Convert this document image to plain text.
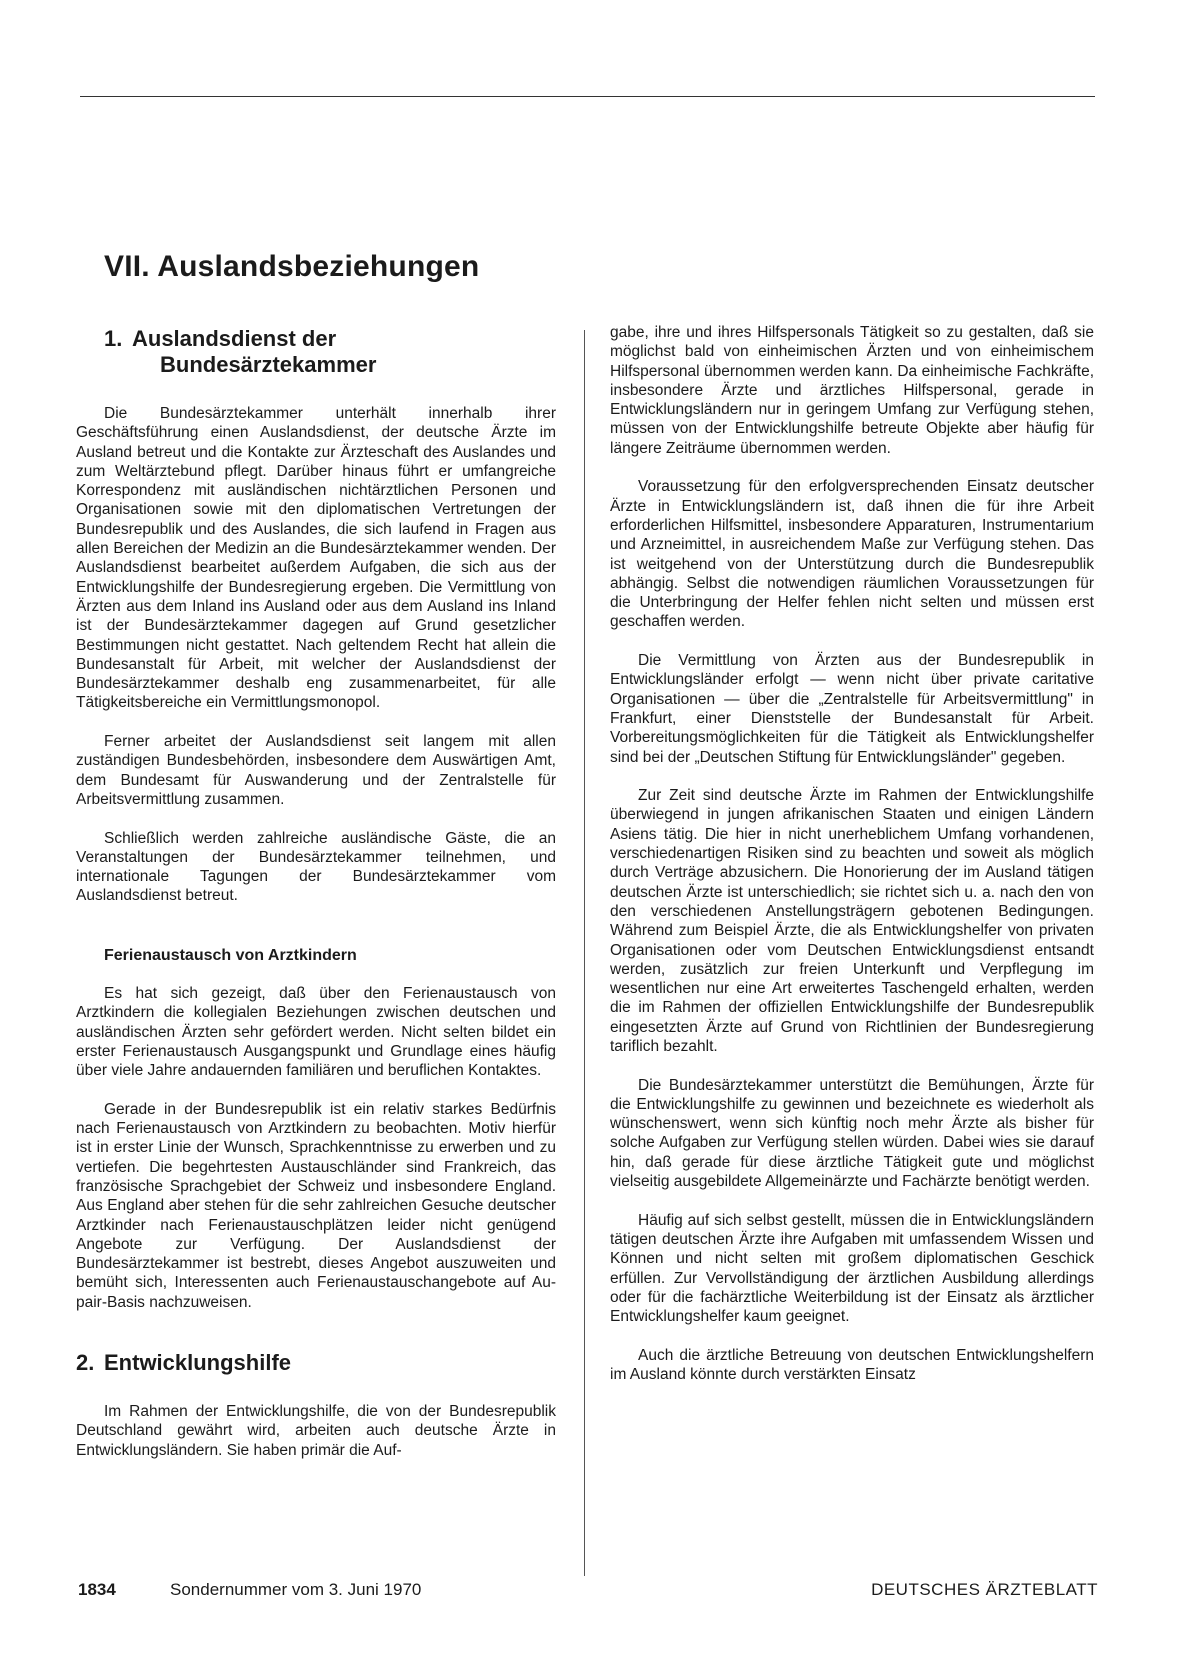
VII. Auslandsbeziehungen
1. Auslandsdienst der
Bundesärztekammer

Die Bundesärztekammer unterhält innerhalb ihrer Geschäftsführung einen Auslandsdienst, der deutsche Ärzte im Ausland betreut und die Kontakte zur Ärzteschaft des Auslandes und zum Weltärztebund pflegt. Darüber hinaus führt er umfangreiche Korrespondenz mit ausländischen nichtärztlichen Personen und Organisationen sowie mit den diplomatischen Vertretungen der Bundesrepublik und des Auslandes, die sich laufend in Fragen aus allen Bereichen der Medizin an die Bundesärztekammer wenden. Der Auslandsdienst bearbeitet außerdem Aufgaben, die sich aus der Entwicklungshilfe der Bundesregierung ergeben. Die Vermittlung von Ärzten aus dem Inland ins Ausland oder aus dem Ausland ins Inland ist der Bundesärztekammer dagegen auf Grund gesetzlicher Bestimmungen nicht gestattet. Nach geltendem Recht hat allein die Bundesanstalt für Arbeit, mit welcher der Auslandsdienst der Bundesärztekammer deshalb eng zusammenarbeitet, für alle Tätigkeitsbereiche ein Vermittlungsmonopol.

Ferner arbeitet der Auslandsdienst seit langem mit allen zuständigen Bundesbehörden, insbesondere dem Auswärtigen Amt, dem Bundesamt für Auswanderung und der Zentralstelle für Arbeitsvermittlung zusammen.

Schließlich werden zahlreiche ausländische Gäste, die an Veranstaltungen der Bundesärztekammer teilnehmen, und internationale Tagungen der Bundesärztekammer vom Auslandsdienst betreut.

Ferienaustausch von Arztkindern

Es hat sich gezeigt, daß über den Ferienaustausch von Arztkindern die kollegialen Beziehungen zwischen deutschen und ausländischen Ärzten sehr gefördert werden. Nicht selten bildet ein erster Ferienaustausch Ausgangspunkt und Grundlage eines häufig über viele Jahre andauernden familiären und beruflichen Kontaktes.

Gerade in der Bundesrepublik ist ein relativ starkes Bedürfnis nach Ferienaustausch von Arztkindern zu beobachten. Motiv hierfür ist in erster Linie der Wunsch, Sprachkenntnisse zu erwerben und zu vertiefen. Die begehrtesten Austauschländer sind Frankreich, das französische Sprachgebiet der Schweiz und insbesondere England. Aus England aber stehen für die sehr zahlreichen Gesuche deutscher Arztkinder nach Ferienaustauschplätzen leider nicht genügend Angebote zur Verfügung. Der Auslandsdienst der Bundesärztekammer ist bestrebt, dieses Angebot auszuweiten und bemüht sich, Interessenten auch Ferienaustauschangebote auf Au-pair-Basis nachzuweisen.

2. Entwicklungshilfe

Im Rahmen der Entwicklungshilfe, die von der Bundesrepublik Deutschland gewährt wird, arbeiten auch deutsche Ärzte in Entwicklungsländern. Sie haben primär die Auf-

gabe, ihre und ihres Hilfspersonals Tätigkeit so zu gestalten, daß sie möglichst bald von einheimischen Ärzten und von einheimischem Hilfspersonal übernommen werden kann. Da einheimische Fachkräfte, insbesondere Ärzte und ärztliches Hilfspersonal, gerade in Entwicklungsländern nur in geringem Umfang zur Verfügung stehen, müssen von der Entwicklungshilfe betreute Objekte aber häufig für längere Zeiträume übernommen werden.

Voraussetzung für den erfolgversprechenden Einsatz deutscher Ärzte in Entwicklungsländern ist, daß ihnen die für ihre Arbeit erforderlichen Hilfsmittel, insbesondere Apparaturen, Instrumentarium und Arzneimittel, in ausreichendem Maße zur Verfügung stehen. Das ist weitgehend von der Unterstützung durch die Bundesrepublik abhängig. Selbst die notwendigen räumlichen Voraussetzungen für die Unterbringung der Helfer fehlen nicht selten und müssen erst geschaffen werden.

Die Vermittlung von Ärzten aus der Bundesrepublik in Entwicklungsländer erfolgt — wenn nicht über private caritative Organisationen — über die „Zentralstelle für Arbeitsvermittlung" in Frankfurt, einer Dienststelle der Bundesanstalt für Arbeit. Vorbereitungsmöglichkeiten für die Tätigkeit als Entwicklungshelfer sind bei der „Deutschen Stiftung für Entwicklungsländer" gegeben.

Zur Zeit sind deutsche Ärzte im Rahmen der Entwicklungshilfe überwiegend in jungen afrikanischen Staaten und einigen Ländern Asiens tätig. Die hier in nicht unerheblichem Umfang vorhandenen, verschiedenartigen Risiken sind zu beachten und soweit als möglich durch Verträge abzusichern. Die Honorierung der im Ausland tätigen deutschen Ärzte ist unterschiedlich; sie richtet sich u. a. nach den von den verschiedenen Anstellungsträgern gebotenen Bedingungen. Während zum Beispiel Ärzte, die als Entwicklungshelfer von privaten Organisationen oder vom Deutschen Entwicklungsdienst entsandt werden, zusätzlich zur freien Unterkunft und Verpflegung im wesentlichen nur eine Art erweitertes Taschengeld erhalten, werden die im Rahmen der offiziellen Entwicklungshilfe der Bundesrepublik eingesetzten Ärzte auf Grund von Richtlinien der Bundesregierung tariflich bezahlt.

Die Bundesärztekammer unterstützt die Bemühungen, Ärzte für die Entwicklungshilfe zu gewinnen und bezeichnete es wiederholt als wünschenswert, wenn sich künftig noch mehr Ärzte als bisher für solche Aufgaben zur Verfügung stellen würden. Dabei wies sie darauf hin, daß gerade für diese ärztliche Tätigkeit gute und möglichst vielseitig ausgebildete Allgemeinärzte und Fachärzte benötigt werden.

Häufig auf sich selbst gestellt, müssen die in Entwicklungsländern tätigen deutschen Ärzte ihre Aufgaben mit umfassendem Wissen und Können und nicht selten mit großem diplomatischen Geschick erfüllen. Zur Vervollständigung der ärztlichen Ausbildung allerdings oder für die fachärztliche Weiterbildung ist der Einsatz als ärztlicher Entwicklungshelfer kaum geeignet.

Auch die ärztliche Betreuung von deutschen Entwicklungshelfern im Ausland könnte durch verstärkten Einsatz

1834	Sondernummer vom 3. Juni 1970	DEUTSCHES ÄRZTEBLATT
